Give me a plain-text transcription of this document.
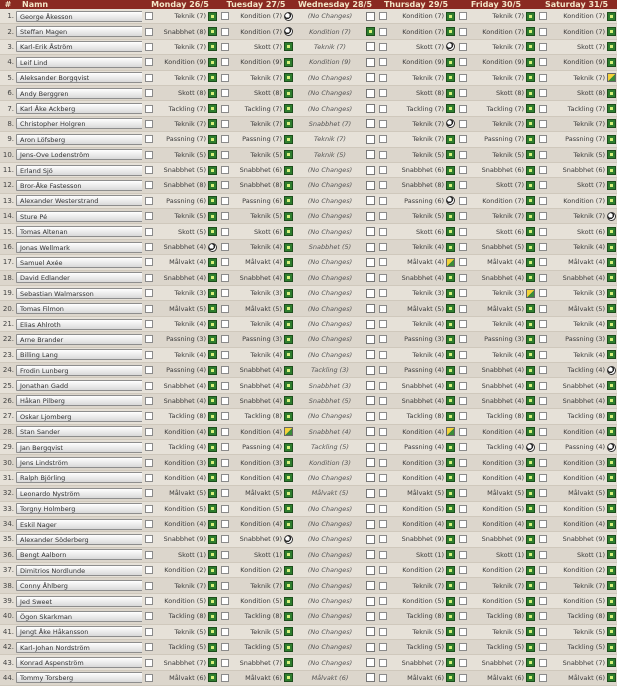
#	Namn	Monday 26/5	Tuesday 27/5	Wednesday 28/5	Thursday 29/5	Friday 30/5	Saturday 31/5
1.	George Åkesson	Teknik (7)	Kondition (7)	(No Changes)	Kondition (7)	Teknik (7)	Kondition (7)

2.	Steffan Magen	Snabbhet (8)	Kondition (7)	Kondition (7)	Kondition (7)	Kondition (7)	Kondition (7)

3.	Karl-Erik Åström	Teknik (7)	Skott (7)	Teknik (7)	Skott (7)	Teknik (7)	Skott (7)

4.	Leif Lind	Kondition (9)	Kondition (9)	Kondition (9)	Kondition (9)	Kondition (9)	Kondition (9)

5.	Aleksander Borgqvist	Teknik (7)	Teknik (7)	(No Changes)	Teknik (7)	Teknik (7)	Teknik (7)

6.	Andy Berggren	Skott (8)	Skott (8)	(No Changes)	Skott (8)	Skott (8)	Skott (8)

7.	Karl Åke Ackberg	Tackling (7)	Tackling (7)	(No Changes)	Tackling (7)	Tackling (7)	Tackling (7)

8.	Christopher Holgren	Teknik (7)	Teknik (7)	Snabbhet (7)	Teknik (7)	Teknik (7)	Teknik (7)

9.	Aron Löfsberg	Passning (7)	Passning (7)	Teknik (7)	Teknik (7)	Passning (7)	Passning (7)

10.	Jens-Ove Lodenström	Teknik (5)	Teknik (5)	Teknik (5)	Teknik (5)	Teknik (5)	Teknik (5)

11.	Erland Sjö	Snabbhet (5)	Snabbhet (6)	(No Changes)	Snabbhet (6)	Snabbhet (6)	Snabbhet (6)

12.	Bror-Åke Fastesson	Snabbhet (8)	Snabbhet (8)	(No Changes)	Snabbhet (8)	Skott (7)	Skott (7)

13.	Alexander Westerstrand	Passning (6)	Passning (6)	(No Changes)	Passning (6)	Kondition (7)	Kondition (7)

14.	Sture Pé	Teknik (5)	Teknik (5)	(No Changes)	Teknik (5)	Teknik (7)	Teknik (7)

15.	Tomas Altenan	Skott (5)	Skott (6)	(No Changes)	Skott (6)	Skott (6)	Skott (6)

16.	Jonas Wellmark	Snabbhet (4)	Teknik (4)	Snabbhet (5)	Teknik (4)	Snabbhet (5)	Teknik (4)

17.	Samuel Axée	Målvakt (4)	Målvakt (4)	(No Changes)	Målvakt (4)	Målvakt (4)	Målvakt (4)

18.	David Edlander	Snabbhet (4)	Snabbhet (4)	(No Changes)	Snabbhet (4)	Snabbhet (4)	Snabbhet (4)

19.	Sebastian Walmarsson	Teknik (3)	Teknik (3)	(No Changes)	Teknik (3)	Teknik (3)	Teknik (3)

20.	Tomas Filmon	Målvakt (5)	Målvakt (5)	(No Changes)	Målvakt (5)	Målvakt (5)	Målvakt (5)

21.	Elias Ahlroth	Teknik (4)	Teknik (4)	(No Changes)	Teknik (4)	Teknik (4)	Teknik (4)

22.	Arne Brander	Passning (3)	Passning (3)	(No Changes)	Passning (3)	Passning (3)	Passning (3)

23.	Billing Lang	Teknik (4)	Teknik (4)	(No Changes)	Teknik (4)	Teknik (4)	Teknik (4)

24.	Frodin Lunberg	Passning (4)	Snabbhet (4)	Tackling (3)	Passning (4)	Snabbhet (4)	Tackling (4)

25.	Jonathan Gadd	Snabbhet (4)	Snabbhet (4)	Snabbhet (3)	Snabbhet (4)	Snabbhet (4)	Snabbhet (4)

26.	Håkan Pilberg	Snabbhet (4)	Snabbhet (4)	Snabbhet (5)	Snabbhet (4)	Snabbhet (4)	Snabbhet (4)

27.	Oskar Ljomberg	Tackling (8)	Tackling (8)	(No Changes)	Tackling (8)	Tackling (8)	Tackling (8)

28.	Stan Sander	Kondition (4)	Kondition (4)	Snabbhet (4)	Kondition (4)	Kondition (4)	Kondition (4)

29.	Jan Bergqvist	Tackling (4)	Passning (4)	Tackling (5)	Passning (4)	Tackling (4)	Passning (4)

30.	Jens Lindström	Kondition (3)	Kondition (3)	Kondition (3)	Kondition (3)	Kondition (3)	Kondition (3)

31.	Ralph Björling	Kondition (4)	Kondition (4)	(No Changes)	Kondition (4)	Kondition (4)	Kondition (4)

32.	Leonardo Nyström	Målvakt (5)	Målvakt (5)	Målvakt (5)	Målvakt (5)	Målvakt (5)	Målvakt (5)

33.	Torgny Holmberg	Kondition (5)	Kondition (5)	(No Changes)	Kondition (5)	Kondition (5)	Kondition (5)

34.	Eskil Nager	Kondition (4)	Kondition (4)	(No Changes)	Kondition (4)	Kondition (4)	Kondition (4)

35.	Alexander Söderberg	Snabbhet (9)	Snabbhet (9)	(No Changes)	Snabbhet (9)	Snabbhet (9)	Snabbhet (9)

36.	Bengt Aalborn	Skott (1)	Skott (1)	(No Changes)	Skott (1)	Skott (1)	Skott (1)

37.	Dimitrios Nordlunde	Kondition (2)	Kondition (2)	(No Changes)	Kondition (2)	Kondition (2)	Kondition (2)

38.	Conny Åhlberg	Teknik (7)	Teknik (7)	(No Changes)	Teknik (7)	Teknik (7)	Teknik (7)

39.	Jed Sweet	Kondition (5)	Kondition (5)	(No Changes)	Kondition (5)	Kondition (5)	Kondition (5)

40.	Ögon Skarkman	Tackling (8)	Tackling (8)	(No Changes)	Tackling (8)	Tackling (8)	Tackling (8)

41.	Jengt Åke Håkansson	Teknik (5)	Teknik (5)	(No Changes)	Teknik (5)	Teknik (5)	Teknik (5)

42.	Karl-Johan Nordström	Tackling (5)	Tackling (5)	(No Changes)	Tackling (5)	Tackling (5)	Tackling (5)

43.	Konrad Aspenström	Snabbhet (7)	Snabbhet (7)	(No Changes)	Snabbhet (7)	Snabbhet (7)	Snabbhet (7)

44.	Tommy Torsberg	Målvakt (6)	Målvakt (6)	Målvakt (6)	Målvakt (6)	Målvakt (6)	Målvakt (6)
